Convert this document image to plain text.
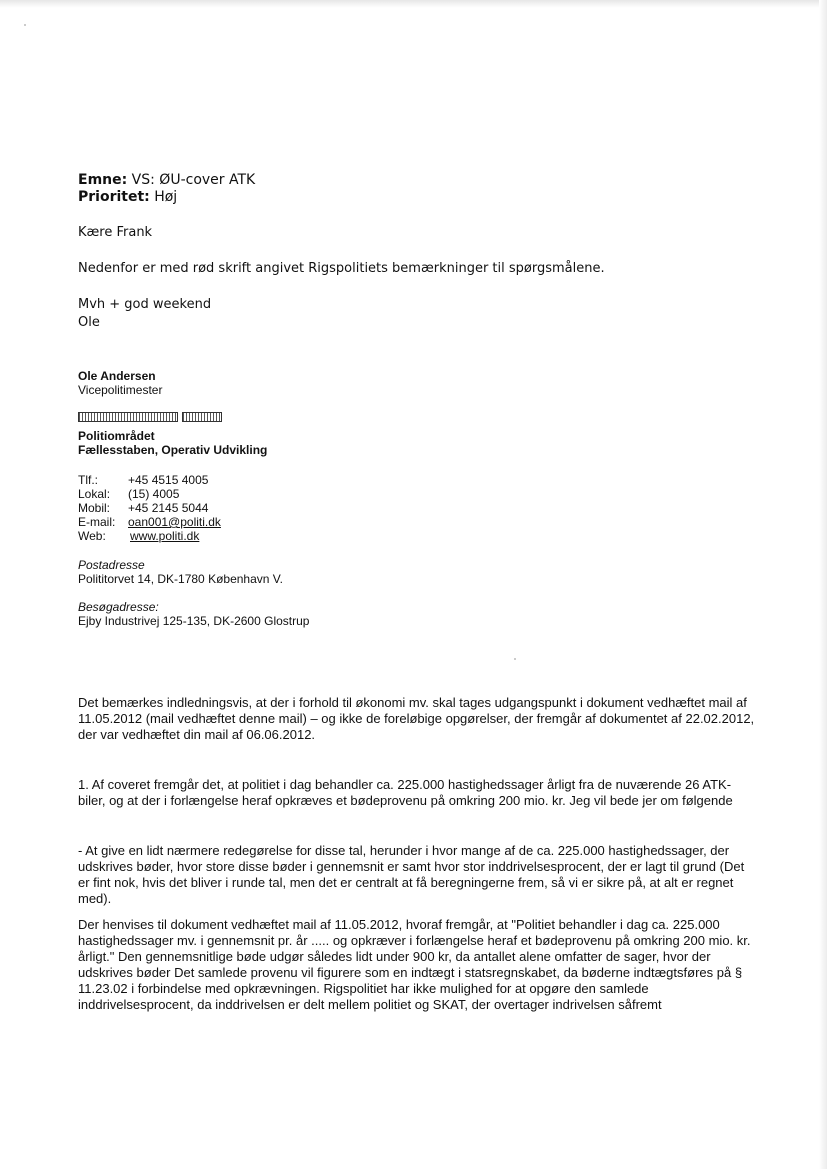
Emne: VS: ØU-cover ATK
Prioritet: Høj
Kære Frank
Nedenfor er med rød skrift angivet Rigspolitiets bemærkninger til spørgsmålene.
Mvh + god weekend
Ole
Ole Andersen
Vicepolitimester
Politiområdet
Fællesstaben, Operativ Udvikling
Tlf.:	+45 4515 4005
Lokal:	(15) 4005
Mobil:	+45 2145 5044
E-mail:	oan001@politi.dk
Web:	www.politi.dk
Postadresse
Polititorvet 14, DK-1780 København V.
Besøgadresse:
Ejby Industrivej 125-135, DK-2600 Glostrup
Det bemærkes indledningsvis, at der i forhold til økonomi mv. skal tages udgangspunkt i dokument vedhæftet mail af 11.05.2012 (mail vedhæftet denne mail) – og ikke de foreløbige opgørelser, der fremgår af dokumentet af 22.02.2012, der var vedhæftet din mail af 06.06.2012.
1. Af coveret fremgår det, at politiet i dag behandler ca. 225.000 hastighedssager årligt fra de nuværende 26 ATK-biler, og at der i forlængelse heraf opkræves et bødeprovenu på omkring 200 mio. kr. Jeg vil bede jer om følgende
- At give en lidt nærmere redegørelse for disse tal, herunder i hvor mange af de ca. 225.000 hastighedssager, der udskrives bøder, hvor store disse bøder i gennemsnit er samt hvor stor inddrivelsesprocent, der er lagt til grund (Det er fint nok, hvis det bliver i runde tal, men det er centralt at få beregningerne frem, så vi er sikre på, at alt er regnet med).
Der henvises til dokument vedhæftet mail af 11.05.2012, hvoraf fremgår, at "Politiet behandler i dag ca. 225.000 hastighedssager mv. i gennemsnit pr. år ..... og opkræver i forlængelse heraf et bødeprovenu på omkring 200 mio. kr. årligt." Den gennemsnitlige bøde udgør således lidt under 900 kr, da antallet alene omfatter de sager, hvor der udskrives bøder Det samlede provenu vil figurere som en indtægt i statsregnskabet, da bøderne indtægtsføres på § 11.23.02 i forbindelse med opkrævningen. Rigspolitiet har ikke mulighed for at opgøre den samlede inddrivelsesprocent, da inddrivelsen er delt mellem politiet og SKAT, der overtager indrivelsen såfremt
